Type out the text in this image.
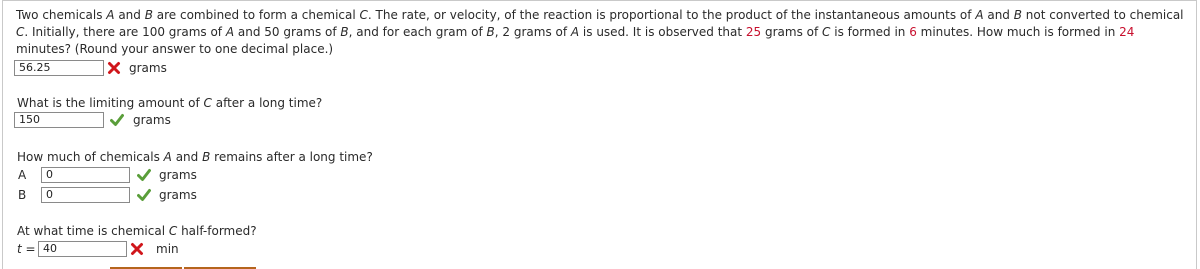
Two chemicals A and B are combined to form a chemical C. The rate, or velocity, of the reaction is proportional to the product of the instantaneous amounts of A and B not converted to chemical C. Initially, there are 100 grams of A and 50 grams of B, and for each gram of B, 2 grams of A is used. It is observed that 25 grams of C is formed in 6 minutes. How much is formed in 24 minutes? (Round your answer to one decimal place.)

56.25	grams

What is the limiting amount of C after a long time?

150	grams

How much of chemicals A and B remains after a long time?

A	0	grams
B	0	grams

At what time is chemical C half-formed?

t = 40	min
